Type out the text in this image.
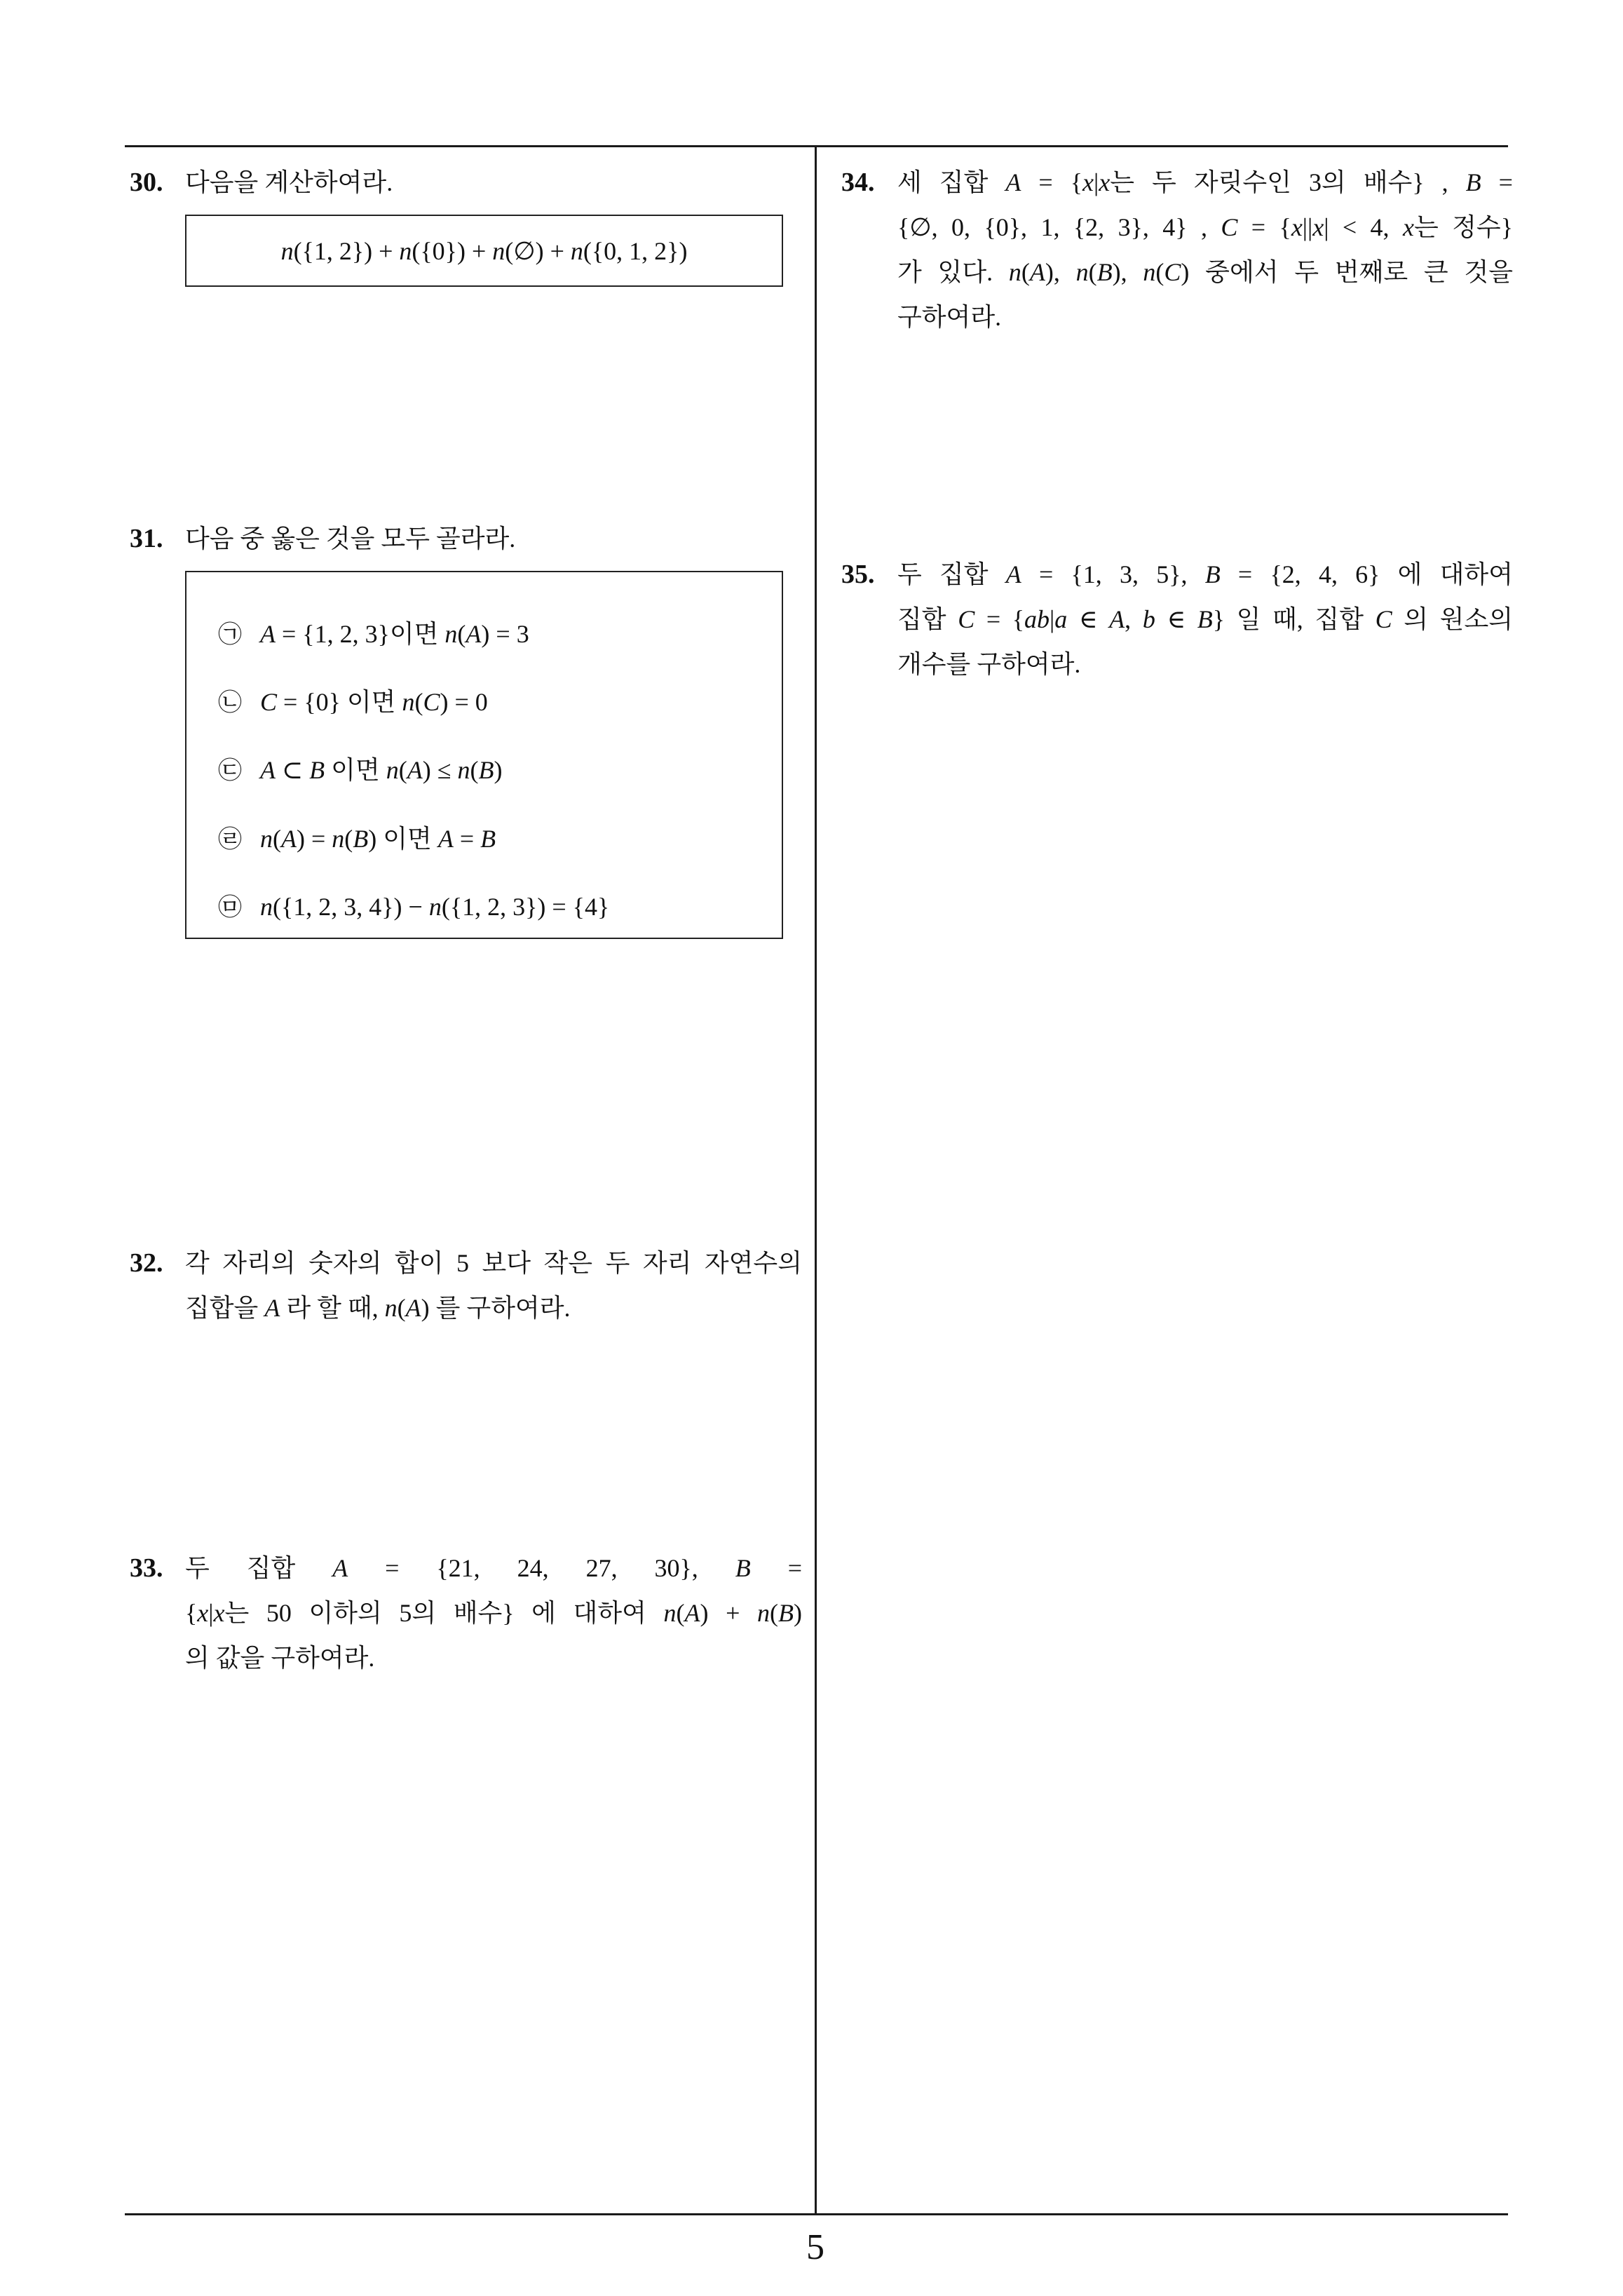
30. 다음을 계산하여라.
n({1, 2}) + n({0}) + n(∅) + n({0, 1, 2})
31. 다음 중 옳은 것을 모두 골라라.
㉠ A = {1, 2, 3}이면 n(A) = 3
㉡ C = {0} 이면 n(C) = 0
㉢ A ⊂ B 이면 n(A) ≤ n(B)
㉣ n(A) = n(B) 이면 A = B
㉤ n({1, 2, 3, 4}) − n({1, 2, 3}) = {4}
32. 각 자리의 숫자의 합이 5 보다 작은 두 자리 자연수의
집합을 A 라 할 때, n(A) 를 구하여라.
33. 두 집합 A = {21, 24, 27, 30}, B =
{x|x는 50 이하의 5의 배수} 에 대하여 n(A) + n(B)
의 값을 구하여라.
34. 세 집합 A = {x|x는 두 자릿수인 3의 배수} , B =
{∅, 0, {0}, 1, {2, 3}, 4} , C = {x||x| < 4, x는 정수}
가 있다. n(A), n(B), n(C) 중에서 두 번째로 큰 것을
구하여라.
35. 두 집합 A = {1, 3, 5}, B = {2, 4, 6} 에 대하여
집합 C = {ab|a ∈ A, b ∈ B} 일 때, 집합 C 의 원소의
개수를 구하여라.
5
